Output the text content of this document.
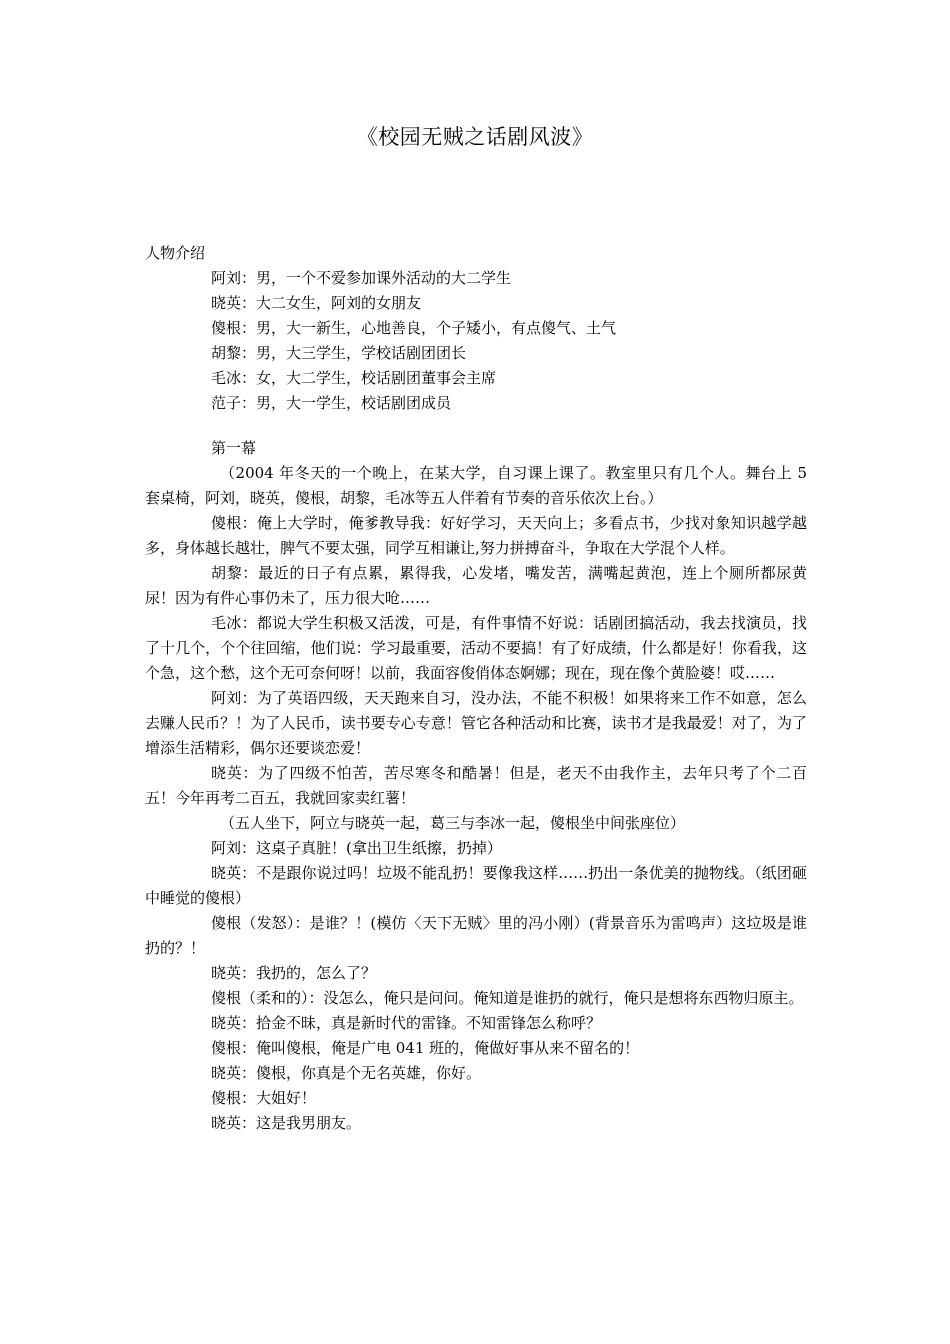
《校园无贼之话剧风波》

人物介绍

阿刘：男，一个不爱参加课外活动的大二学生

晓英：大二女生，阿刘的女朋友

傻根：男，大一新生，心地善良，个子矮小，有点傻气、土气

胡黎：男，大三学生，学校话剧团团长

毛冰：女，大二学生，校话剧团董事会主席

范子：男，大一学生，校话剧团成员

第一幕

（2004 年冬天的一个晚上，在某大学，自习课上课了。教室里只有几个人。舞台上 5 套桌椅，阿刘，晓英，傻根，胡黎，毛冰等五人伴着有节奏的音乐依次上台。）

傻根：俺上大学时，俺爹教导我：好好学习，天天向上；多看点书，少找对象知识越学越多，身体越长越壮，脾气不要太强，同学互相谦让,努力拼搏奋斗，争取在大学混个人样。

胡黎：最近的日子有点累，累得我，心发堵，嘴发苦，满嘴起黄泡，连上个厕所都尿黄尿！因为有件心事仍未了，压力很大呛……

毛冰：都说大学生积极又活泼，可是，有件事情不好说：话剧团搞活动，我去找演员，找了十几个，个个往回缩，他们说：学习最重要，活动不要搞！有了好成绩，什么都是好！你看我，这个急，这个愁，这个无可奈何呀！以前，我面容俊俏体态婀娜；现在，现在像个黄脸婆！哎……

阿刘：为了英语四级，天天跑来自习，没办法，不能不积极！如果将来工作不如意，怎么去赚人民币？！为了人民币，读书要专心专意！管它各种活动和比赛，读书才是我最爱！对了，为了增添生活精彩，偶尔还要谈恋爱！

晓英：为了四级不怕苦，苦尽寒冬和酷暑！但是，老天不由我作主，去年只考了个二百五！今年再考二百五，我就回家卖红薯！

（五人坐下，阿立与晓英一起，葛三与李冰一起，傻根坐中间张座位）

阿刘：这桌子真脏！(拿出卫生纸擦，扔掉）

晓英：不是跟你说过吗！垃圾不能乱扔！要像我这样……扔出一条优美的抛物线。（纸团砸中睡觉的傻根）

傻根（发怒）：是谁？！(模仿〈天下无贼〉里的冯小刚）(背景音乐为雷鸣声）这垃圾是谁扔的？！

晓英：我扔的，怎么了？

傻根（柔和的）：没怎么，俺只是问问。俺知道是谁扔的就行，俺只是想将东西物归原主。

晓英：拾金不昧，真是新时代的雷锋。不知雷锋怎么称呼？

傻根：俺叫傻根，俺是广电 041 班的，俺做好事从来不留名的！

晓英：傻根，你真是个无名英雄，你好。

傻根：大姐好！

晓英：这是我男朋友。
